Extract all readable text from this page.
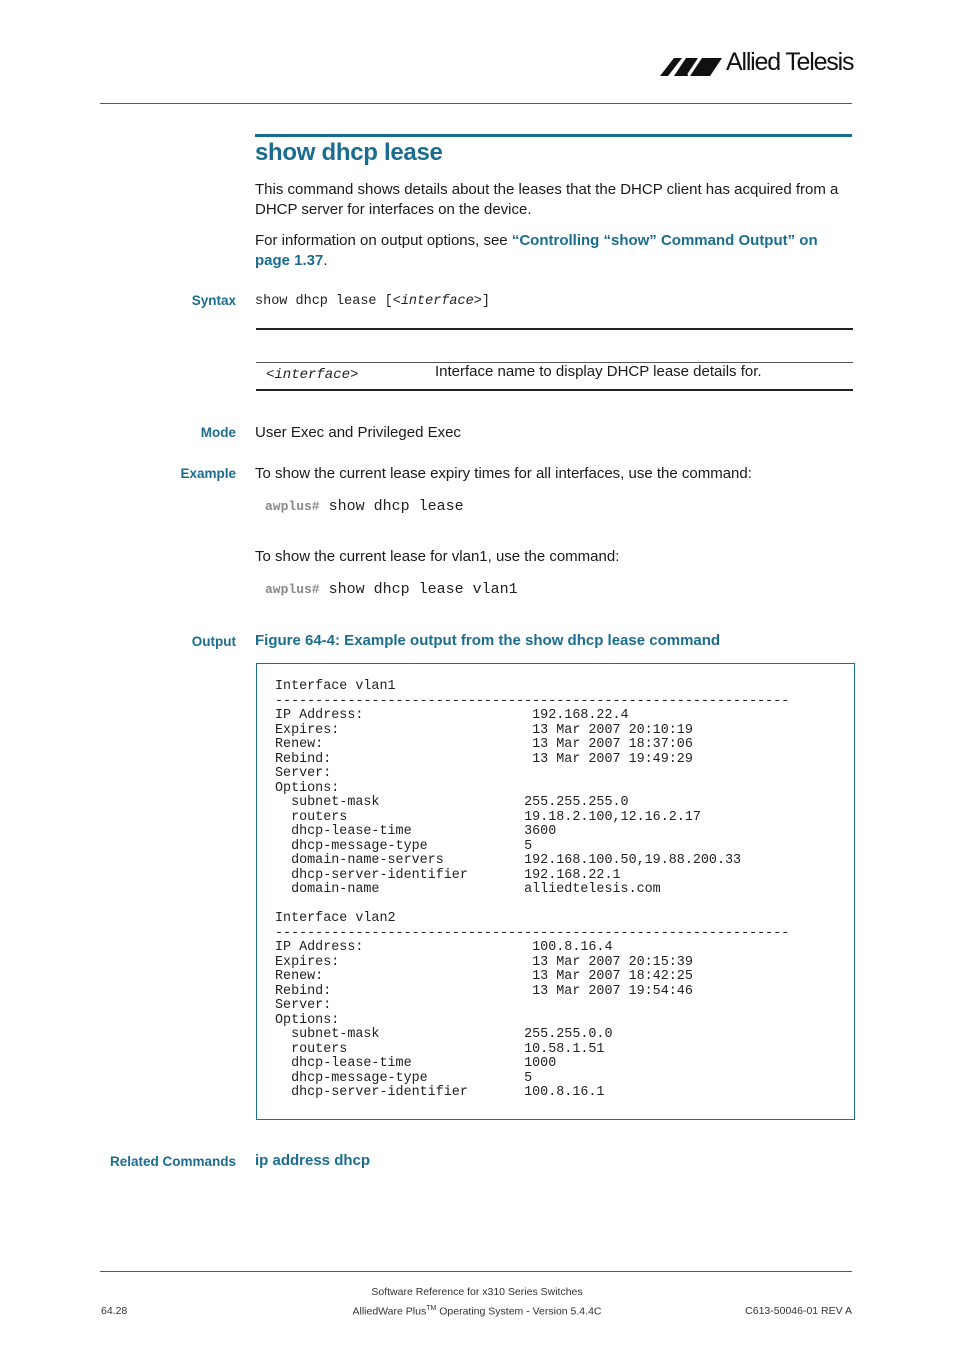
Allied Telesis
show dhcp lease
This command shows details about the leases that the DHCP client has acquired from a DHCP server for interfaces on the device.
For information on output options, see “Controlling “show” Command Output” on
page 1.37.
Syntax show dhcp lease [<interface>]
<interface>	Interface name to display DHCP lease details for.
Mode User Exec and Privileged Exec
Example To show the current lease expiry times for all interfaces, use the command:
awplus# show dhcp lease
To show the current lease for vlan1, use the command:
awplus# show dhcp lease vlan1
Output Figure 64-4: Example output from the show dhcp lease command
Interface vlan1
----------------------------------------------------------------
IP Address:                     192.168.22.4
Expires:                        13 Mar 2007 20:10:19
Renew:                          13 Mar 2007 18:37:06
Rebind:                         13 Mar 2007 19:49:29
Server:
Options:
subnet-mask                  255.255.255.0
routers                      19.18.2.100,12.16.2.17
dhcp-lease-time              3600
dhcp-message-type            5
domain-name-servers          192.168.100.50,19.88.200.33
dhcp-server-identifier       192.168.22.1
domain-name                  alliedtelesis.com
Interface vlan2
----------------------------------------------------------------
IP Address:                     100.8.16.4
Expires:                        13 Mar 2007 20:15:39
Renew:                          13 Mar 2007 18:42:25
Rebind:                         13 Mar 2007 19:54:46
Server:
Options:
subnet-mask                  255.255.0.0
routers                      10.58.1.51
dhcp-lease-time              1000
dhcp-message-type            5
dhcp-server-identifier       100.8.16.1
Related Commands ip address dhcp
Software Reference for x310 Series Switches
AlliedWare Plus™ Operating System - Version 5.4.4C
64.28	C613-50046-01 REV A
